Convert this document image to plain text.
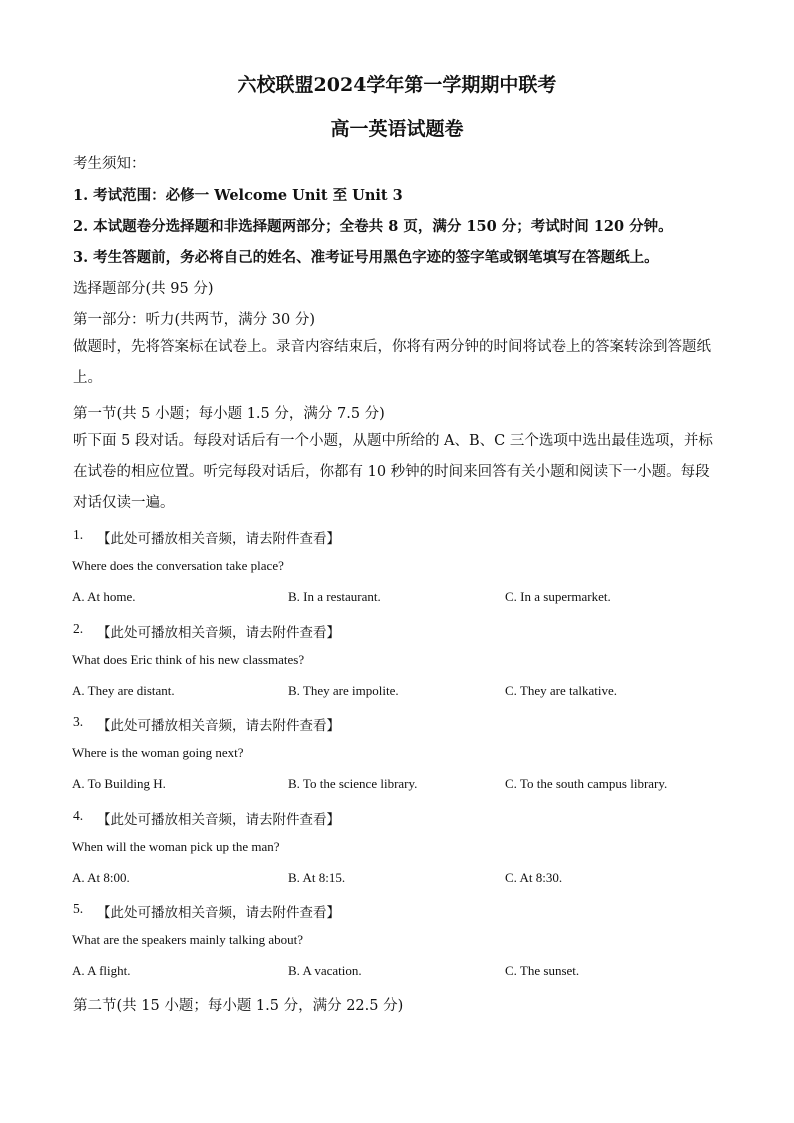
六校联盟2024学年第一学期期中联考
高一英语试题卷
考生须知：
1. 考试范围：必修一 Welcome Unit 至 Unit 3
2. 本试题卷分选择题和非选择题两部分；全卷共 8 页，满分 150 分；考试时间 120 分钟。
3. 考生答题前，务必将自己的姓名、准考证号用黑色字迹的签字笔或钢笔填写在答题纸上。
选择题部分(共 95 分)
第一部分：听力(共两节，满分 30 分)
做题时，先将答案标在试卷上。录音内容结束后，你将有两分钟的时间将试卷上的答案转涂到答题纸上。
第一节(共 5 小题；每小题 1.5 分，满分 7.5 分)
听下面 5 段对话。每段对话后有一个小题，从题中所给的 A、B、C 三个选项中选出最佳选项，并标在试卷的相应位置。听完每段对话后，你都有 10 秒钟的时间来回答有关小题和阅读下一小题。每段对话仅读一遍。
1. 【此处可播放相关音频，请去附件查看】
Where does the conversation take place?
A. At home.	B. In a restaurant.	C. In a supermarket.
2. 【此处可播放相关音频，请去附件查看】
What does Eric think of his new classmates?
A. They are distant.	B. They are impolite.	C. They are talkative.
3. 【此处可播放相关音频，请去附件查看】
Where is the woman going next?
A. To Building H.	B. To the science library.	C. To the south campus library.
4. 【此处可播放相关音频，请去附件查看】
When will the woman pick up the man?
A. At 8:00.	B. At 8:15.	C. At 8:30.
5. 【此处可播放相关音频，请去附件查看】
What are the speakers mainly talking about?
A. A flight.	B. A vacation.	C. The sunset.
第二节(共 15 小题；每小题 1.5 分，满分 22.5 分)
